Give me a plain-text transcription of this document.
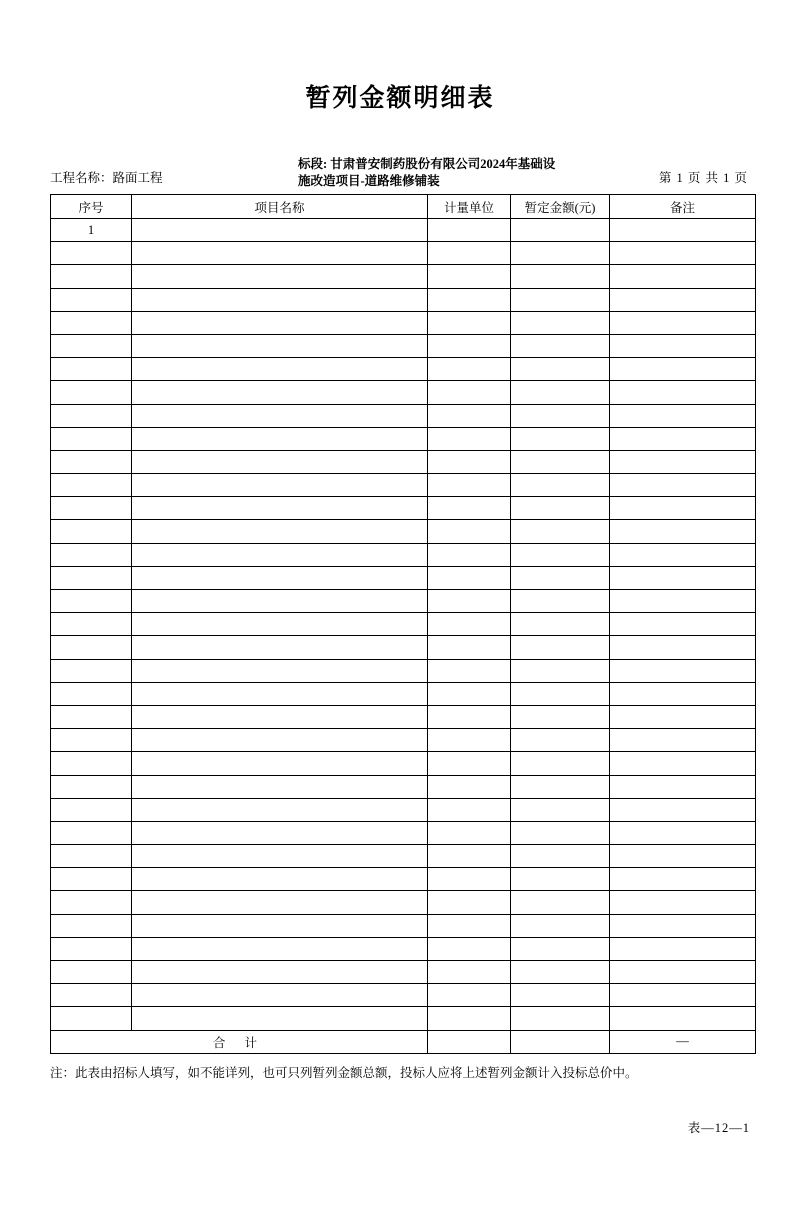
暂列金额明细表
工程名称：路面工程
标段: 甘肃普安制药股份有限公司2024年基础设
施改造项目-道路维修铺装	第 1 页 共 1 页
序号	项目名称	计量单位	暂定金额(元)	备注
1				

合 计				—
注：此表由招标人填写，如不能详列，也可只列暂列金额总额，投标人应将上述暂列金额计入投标总价中。
表—12—1
